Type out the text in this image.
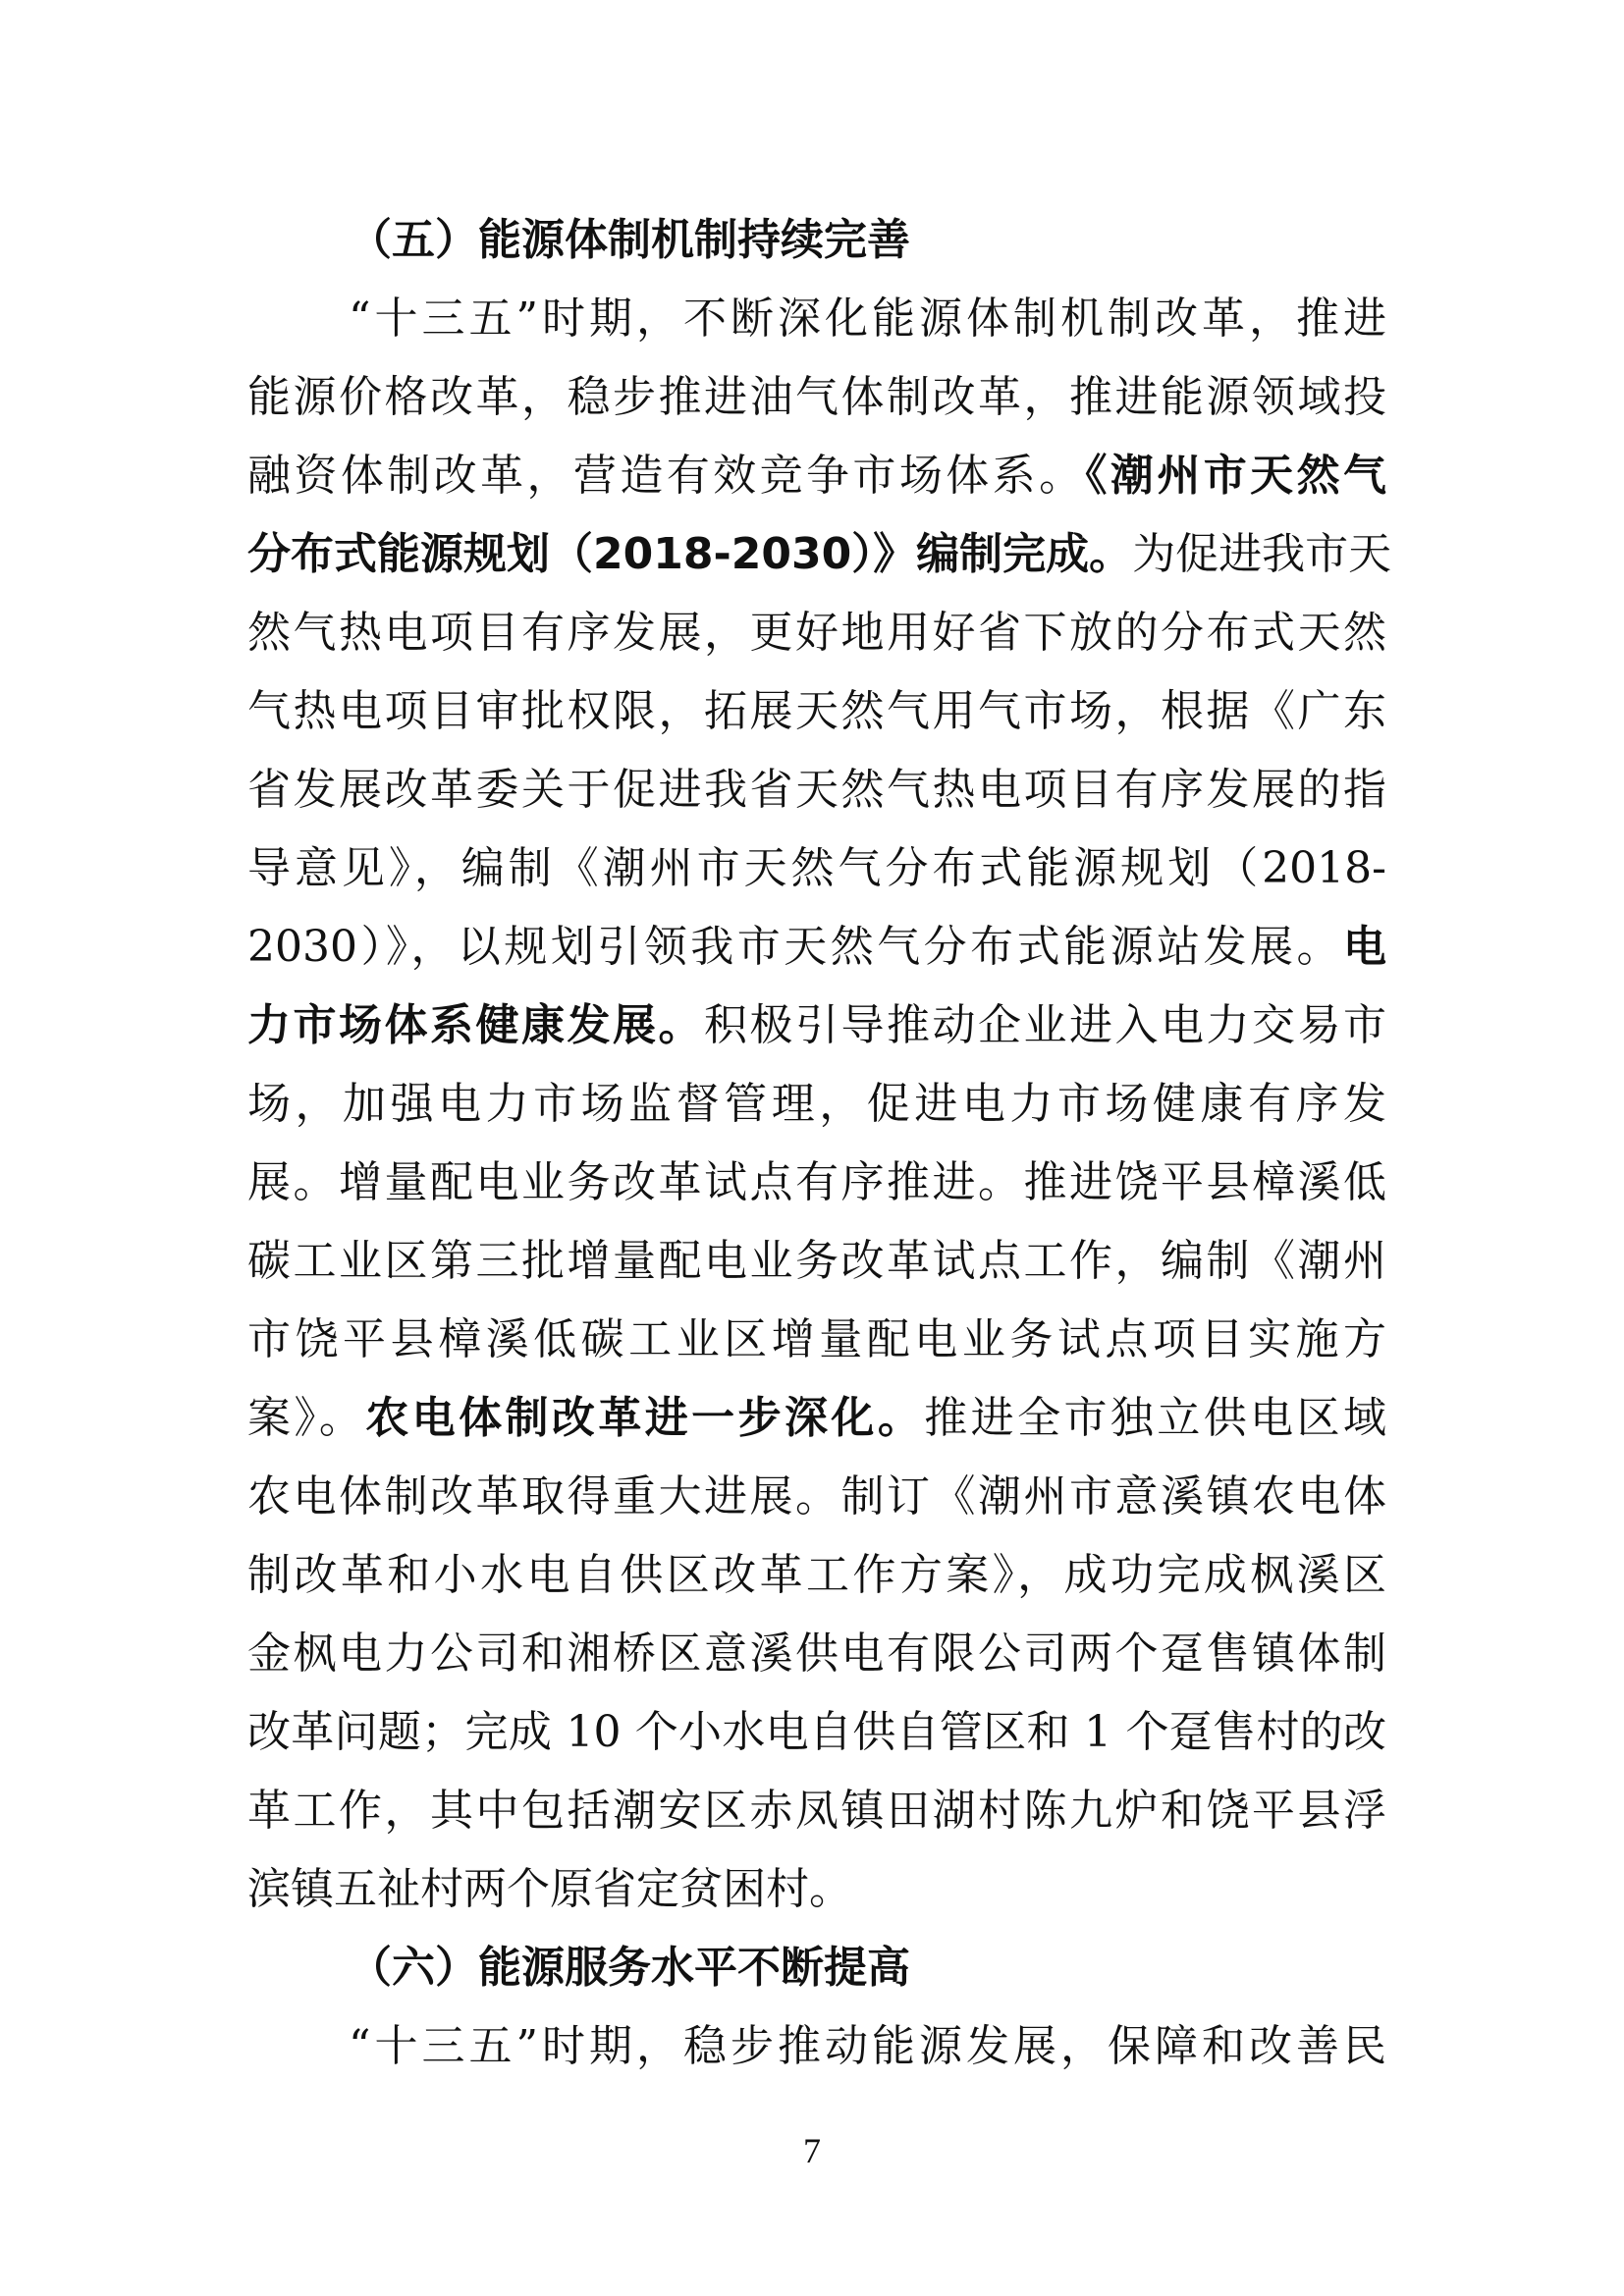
（五）能源体制机制持续完善
“十三五”时期，不断深化能源体制机制改革，推进
能源价格改革，稳步推进油气体制改革，推进能源领域投
融资体制改革，营造有效竞争市场体系。《潮州市天然气
分布式能源规划（2018-2030）》编制完成。为促进我市天
然气热电项目有序发展，更好地用好省下放的分布式天然
气热电项目审批权限，拓展天然气用气市场，根据《广东
省发展改革委关于促进我省天然气热电项目有序发展的指
导意见》，编制《潮州市天然气分布式能源规划（2018-
2030）》，以规划引领我市天然气分布式能源站发展。电
力市场体系健康发展。积极引导推动企业进入电力交易市
场，加强电力市场监督管理，促进电力市场健康有序发
展。增量配电业务改革试点有序推进。推进饶平县樟溪低
碳工业区第三批增量配电业务改革试点工作，编制《潮州
市饶平县樟溪低碳工业区增量配电业务试点项目实施方
案》。农电体制改革进一步深化。推进全市独立供电区域
农电体制改革取得重大进展。制订《潮州市意溪镇农电体
制改革和小水电自供区改革工作方案》，成功完成枫溪区
金枫电力公司和湘桥区意溪供电有限公司两个趸售镇体制
改革问题；完成 10 个小水电自供自管区和 1 个趸售村的改
革工作，其中包括潮安区赤凤镇田湖村陈九炉和饶平县浮
滨镇五祉村两个原省定贫困村。
（六）能源服务水平不断提高
“十三五”时期，稳步推动能源发展，保障和改善民
7
